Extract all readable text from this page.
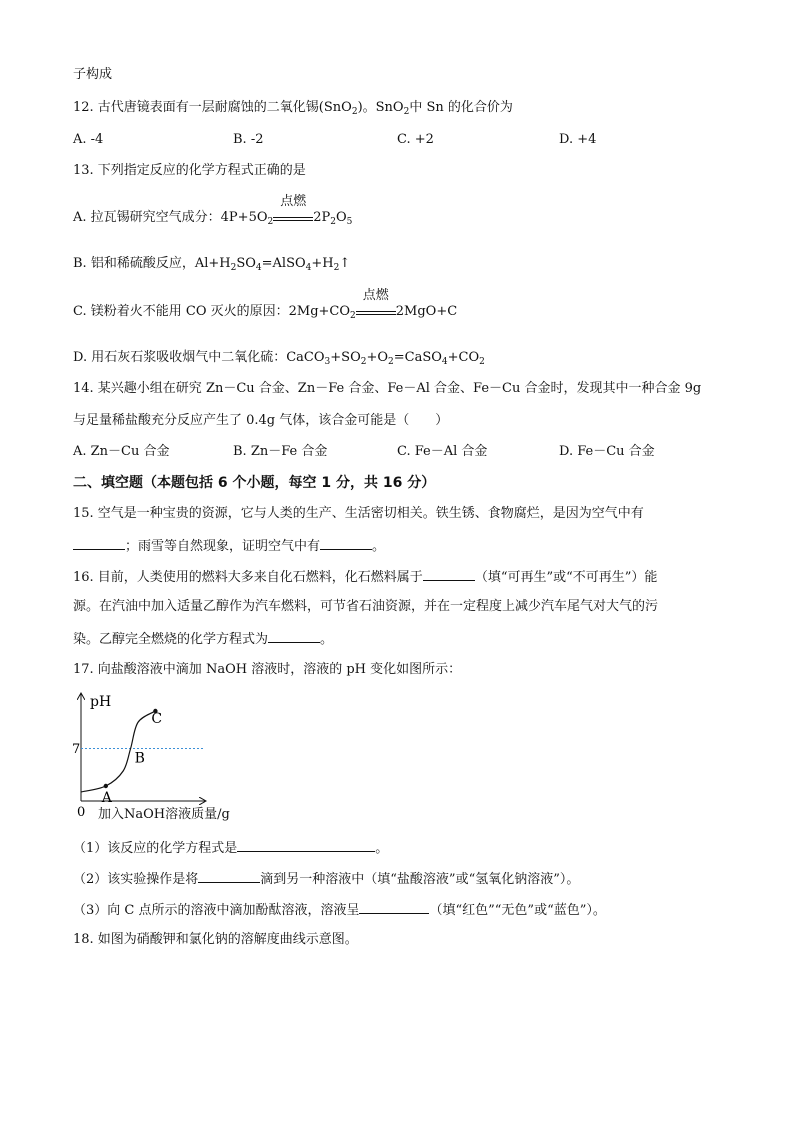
子构成
12. 古代唐镜表面有一层耐腐蚀的二氧化锡(SnO$_2$)。SnO$_2$中 Sn 的化合价为
A. -4	B. -2	C. +2	D. +4
13. 下列指定反应的化学方程式正确的是
A. 拉瓦锡研究空气成分：$4P+5O_2$
点燃
$2P_2O_5$
B. 铝和稀硫酸反应，$Al+H_2SO_4=AlSO_4+H_2↑$
C. 镁粉着火不能用 CO 灭火的原因：$2Mg+CO_2$
点燃
2MgO+C
D. 用石灰石浆吸收烟气中二氧化硫：$CaCO_3+SO_2+O_2=CaSO_4+CO_2$
14. 某兴趣小组在研究 Zn－Cu 合金、Zn－Fe 合金、Fe－Al 合金、Fe－Cu 合金时，发现其中一种合金 9g
与足量稀盐酸充分反应产生了 0.4g 气体，该合金可能是（　　）
A. Zn－Cu 合金	B. Zn－Fe 合金	C. Fe－Al 合金	D. Fe－Cu 合金
二、填空题（本题包括 6 个小题，每空 1 分，共 16 分）
15. 空气是一种宝贵的资源，它与人类的生产、生活密切相关。铁生锈、食物腐烂，是因为空气中有
；雨雪等自然现象，证明空气中有	。
16. 目前，人类使用的燃料大多来自化石燃料，化石燃料属于	（填“可再生”或“不可再生”）能
源。在汽油中加入适量乙醇作为汽车燃料，可节省石油资源，并在一定程度上减少汽车尾气对大气的污
染。乙醇完全燃烧的化学方程式为	。
17. 向盐酸溶液中滴加 NaOH 溶液时，溶液的 pH 变化如图所示：
pH
0
7
A
B
C
加入NaOH溶液质量/g
（1）该反应的化学方程式是	。
（2）该实验操作是将	滴到另一种溶液中（填“盐酸溶液”或“氢氧化钠溶液”）。
（3）向 C 点所示的溶液中滴加酚酞溶液，溶液呈	（填“红色”“无色”或“蓝色”）。
18. 如图为硝酸钾和氯化钠的溶解度曲线示意图。
